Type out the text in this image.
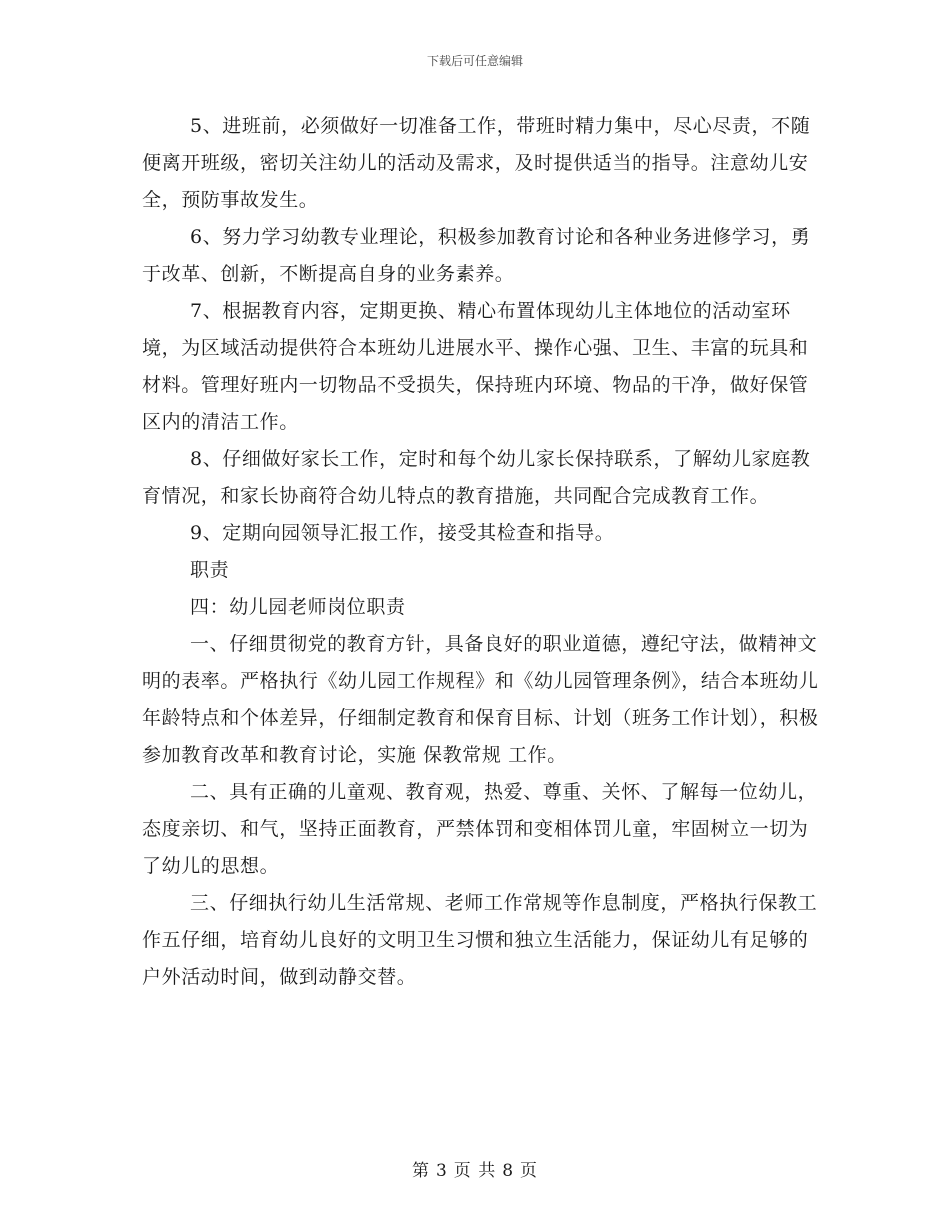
下载后可任意编辑

5、进班前，必须做好一切准备工作，带班时精力集中，尽心尽责，不随便离开班级，密切关注幼儿的活动及需求，及时提供适当的指导。注意幼儿安全，预防事故发生。

6、努力学习幼教专业理论，积极参加教育讨论和各种业务进修学习，勇于改革、创新，不断提高自身的业务素养。

7、根据教育内容，定期更换、精心布置体现幼儿主体地位的活动室环境，为区域活动提供符合本班幼儿进展水平、操作心强、卫生、丰富的玩具和材料。管理好班内一切物品不受损失，保持班内环境、物品的干净，做好保管区内的清洁工作。

8、仔细做好家长工作，定时和每个幼儿家长保持联系，了解幼儿家庭教育情况，和家长协商符合幼儿特点的教育措施，共同配合完成教育工作。

9、定期向园领导汇报工作，接受其检查和指导。

职责

四：幼儿园老师岗位职责

一、仔细贯彻党的教育方针，具备良好的职业道德，遵纪守法，做精神文明的表率。严格执行《幼儿园工作规程》和《幼儿园管理条例》，结合本班幼儿年龄特点和个体差异，仔细制定教育和保育目标、计划（班务工作计划），积极参加教育改革和教育讨论，实施 保教常规 工作。

二、具有正确的儿童观、教育观，热爱、尊重、关怀、了解每一位幼儿，态度亲切、和气，坚持正面教育，严禁体罚和变相体罚儿童，牢固树立一切为了幼儿的思想。

三、仔细执行幼儿生活常规、老师工作常规等作息制度，严格执行保教工作五仔细，培育幼儿良好的文明卫生习惯和独立生活能力，保证幼儿有足够的户外活动时间，做到动静交替。

第 3 页 共 8 页
